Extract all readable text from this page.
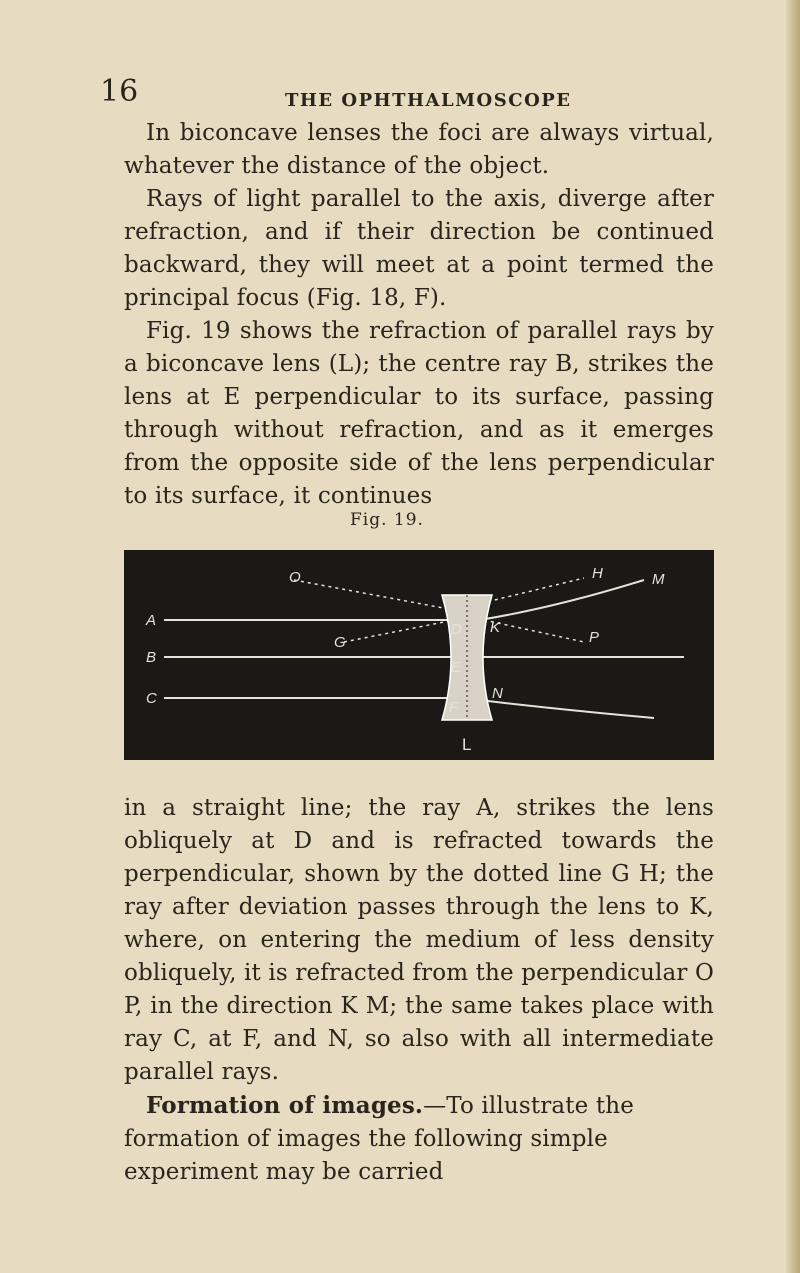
16	THE OPHTHALMOSCOPE

In biconcave lenses the foci are always virtual, whatever the distance of the object.

Rays of light parallel to the axis, diverge after refraction, and if their direction be continued backward, they will meet at a point termed the principal focus (Fig. 18, F).

Fig. 19 shows the refraction of parallel rays by a biconcave lens (L); the centre ray B, strikes the lens at E perpendicular to its surface, passing through without refraction, and as it emerges from the opposite side of the lens perpendicular to its surface, it continues

Fig. 19.
O	H	M
A
B
C
G
D K
P
E
N
F
L

in a straight line; the ray A, strikes the lens obliquely at D and is refracted towards the perpendicular, shown by the dotted line G H; the ray after deviation passes through the lens to K, where, on entering the medium of less density obliquely, it is refracted from the perpendicular O P, in the direction K M; the same takes place with ray C, at F, and N, so also with all intermediate parallel rays.

Formation of images.—To illustrate the formation of images the following simple experiment may be carried
